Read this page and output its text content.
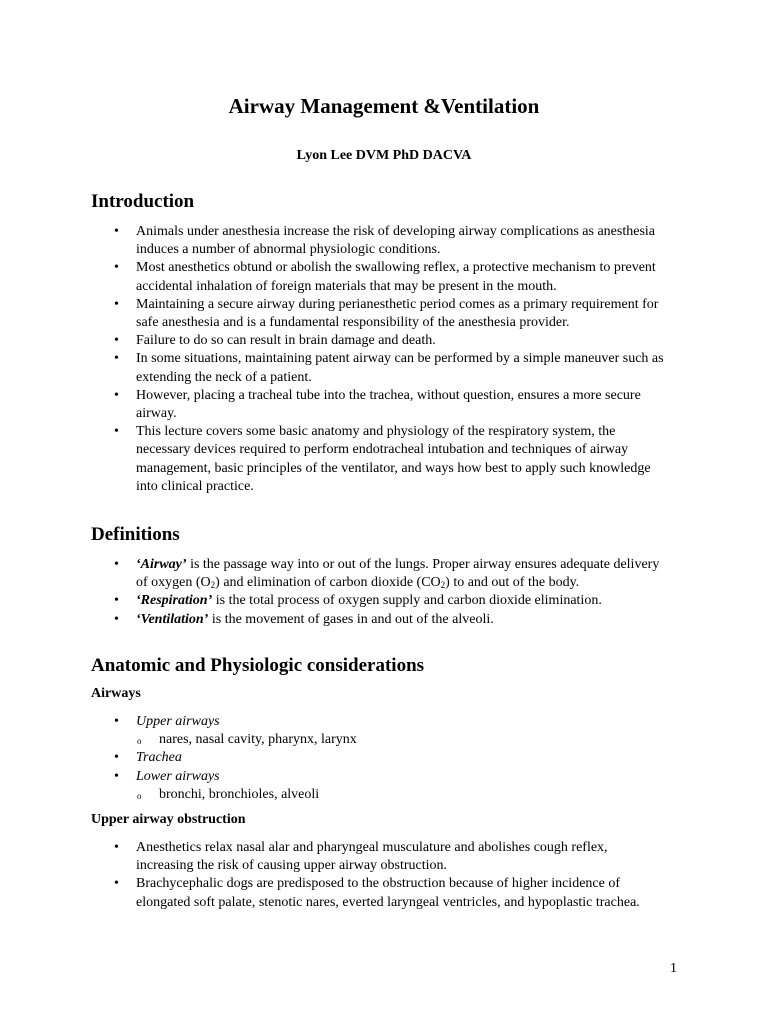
Airway Management &Ventilation
Lyon Lee DVM PhD DACVA
Introduction
• Animals under anesthesia increase the risk of developing airway complications as anesthesia induces a number of abnormal physiologic conditions.
• Most anesthetics obtund or abolish the swallowing reflex, a protective mechanism to prevent accidental inhalation of foreign materials that may be present in the mouth.
• Maintaining a secure airway during perianesthetic period comes as a primary requirement for safe anesthesia and is a fundamental responsibility of the anesthesia provider.
• Failure to do so can result in brain damage and death.
• In some situations, maintaining patent airway can be performed by a simple maneuver such as extending the neck of a patient.
• However, placing a tracheal tube into the trachea, without question, ensures a more secure airway.
• This lecture covers some basic anatomy and physiology of the respiratory system, the necessary devices required to perform endotracheal intubation and techniques of airway management, basic principles of the ventilator, and ways how best to apply such knowledge into clinical practice.
Definitions
• ‘Airway’ is the passage way into or out of the lungs. Proper airway ensures adequate delivery of oxygen $(O_2)$ and elimination of carbon dioxide $(CO_2)$ to and out of the body.
• ‘Respiration’ is the total process of oxygen supply and carbon dioxide elimination.
• ‘Ventilation’ is the movement of gases in and out of the alveoli.
Anatomic and Physiologic considerations
Airways
• Upper airways
o nares, nasal cavity, pharynx, larynx
• Trachea
• Lower airways
o bronchi, bronchioles, alveoli
Upper airway obstruction
• Anesthetics relax nasal alar and pharyngeal musculature and abolishes cough reflex, increasing the risk of causing upper airway obstruction.
• Brachycephalic dogs are predisposed to the obstruction because of higher incidence of elongated soft palate, stenotic nares, everted laryngeal ventricles, and hypoplastic trachea.
1
